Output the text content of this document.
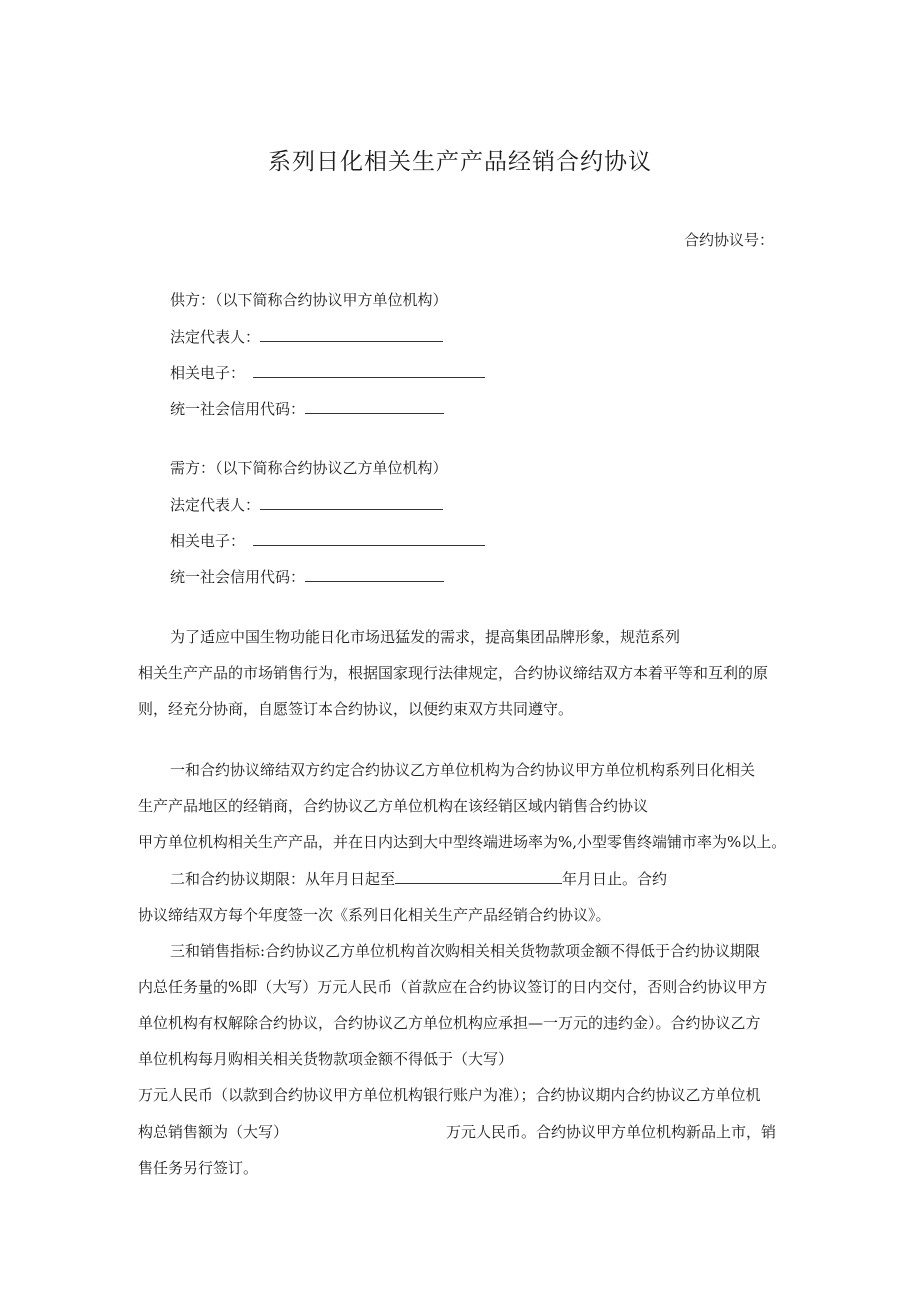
系列日化相关生产产品经销合约协议
合约协议号：
供方：（以下简称合约协议甲方单位机构）
法定代表人：
相关电子：
统一社会信用代码：
需方：（以下简称合约协议乙方单位机构）
法定代表人：
相关电子：
统一社会信用代码：
为了适应中国生物功能日化市场迅猛发的需求，提高集团品牌形象，规范系列
相关生产产品的市场销售行为，根据国家现行法律规定，合约协议缔结双方本着平等和互利的原
则，经充分协商，自愿签订本合约协议，以便约束双方共同遵守。
一和合约协议缔结双方约定合约协议乙方单位机构为合约协议甲方单位机构系列日化相关
生产产品地区的经销商，合约协议乙方单位机构在该经销区域内销售合约协议
甲方单位机构相关生产产品，并在日内达到大中型终端进场率为%,小型零售终端铺市率为%以上。
二和合约协议期限：从年月日起至	年月日止。合约
协议缔结双方每个年度签一次《系列日化相关生产产品经销合约协议》。
三和销售指标:合约协议乙方单位机构首次购相关相关货物款项金额不得低于合约协议期限
内总任务量的%即（大写）万元人民币（首款应在合约协议签订的日内交付，否则合约协议甲方
单位机构有权解除合约协议，合约协议乙方单位机构应承担—一万元的违约金）。合约协议乙方
单位机构每月购相关相关货物款项金额不得低于（大写）
万元人民币（以款到合约协议甲方单位机构银行账户为准）；合约协议期内合约协议乙方单位机
构总销售额为（大写）	万元人民币。合约协议甲方单位机构新品上市，销
售任务另行签订。
